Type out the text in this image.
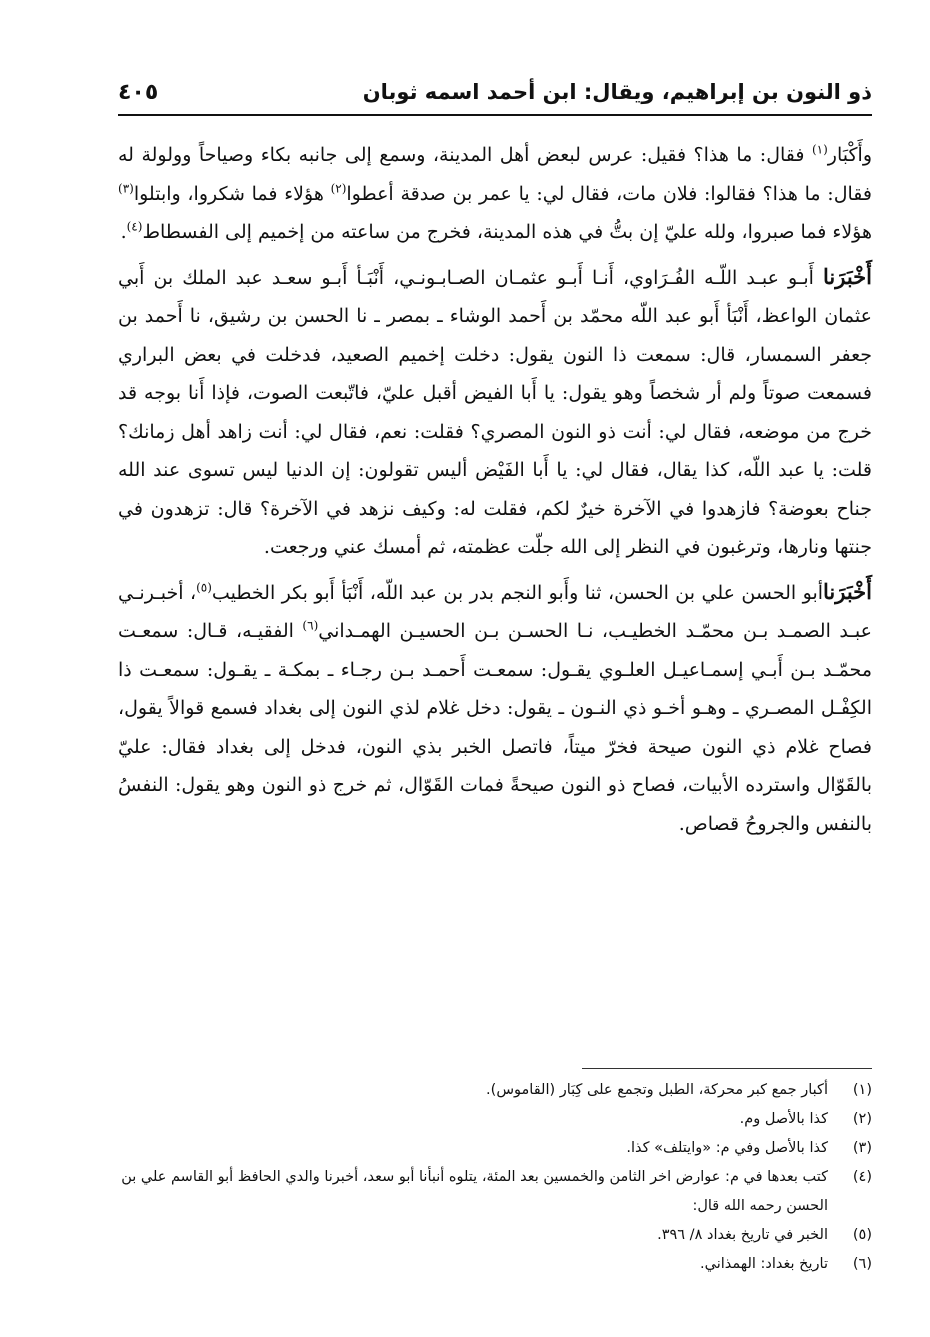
ذو النون بن إبراهيم، ويقال: ابن أحمد اسمه ثوبان
٤٠٥

وأَكْبَار$^{(١)}$ فقال: ما هذا؟ فقيل: عرس لبعض أهل المدينة، وسمع إلى جانبه بكاء وصياحاً وولولة له فقال: ما هذا؟ فقالوا: فلان مات، فقال لي: يا عمر بن صدقة أعطوا$^{(٢)}$ هؤلاء فما شكروا، وابتلوا$^{(٣)}$ هؤلاء فما صبروا، ولله عليّ إن بتُّ في هذه المدينة، فخرج من ساعته من إخميم إلى الفسطاط$^{(٤)}$.

أَخْبَرَنا أَبـو عبـد اللّـه الفُـرَاوي، أَنـا أَبـو عثمـان الصـابـونـي، أَنْبَـأ أَبـو سعـد عبد الملك بن أَبي عثمان الواعظ، أَنْبَأ أَبو عبد اللّه محمّد بن أَحمد الوشاء ـ بمصر ـ نا الحسن بن رشيق، نا أَحمد بن جعفر السمسار، قال: سمعت ذا النون يقول: دخلت إخميم الصعيد، فدخلت في بعض البراري فسمعت صوتاً ولم أر شخصاً وهو يقول: يا أَبا الفيض أقبل عليّ، فاتّبعت الصوت، فإذا أَنا بوجه قد خرج من موضعه، فقال لي: أنت ذو النون المصري؟ فقلت: نعم، فقال لي: أنت زاهد أهل زمانك؟ قلت: يا عبد اللّه، كذا يقال، فقال لي: يا أَبا الفَيْض أليس تقولون: إن الدنيا ليس تسوى عند الله جناح بعوضة؟ فازهدوا في الآخرة خيرٌ لكم، فقلت له: وكيف نزهد في الآخرة؟ قال: تزهدون في جنتها ونارها، وترغبون في النظر إلى الله جلّت عظمته، ثم أمسك عني ورجعت.

أَخْبَرَناأبو الحسن علي بن الحسن، ثنا وأَبو النجم بدر بن عبد اللّه، أَنْبَأ أَبو بكر الخطيب$^{(٥)}$، أخبـرنـي عبـد الصمـد بـن محمّـد الخطيـب، نـا الحسـن بـن الحسيـن الهمـداني$^{(٦)}$ الفقيـه، قـال: سمعـت محمّـد بـن أَبـي إسمـاعيـل العلـوي يقـول: سمعـت أَحمـد بـن رجـاء ـ بمكـة ـ يقـول: سمعـت ذا الكِفْـل المصـري ـ وهـو أخـو ذي النـون ـ يقول: دخل غلام لذي النون إلى بغداد فسمع قوالاً يقول، فصاح غلام ذي النون صيحة فخرّ ميتاً، فاتصل الخبر بذي النون، فدخل إلى بغداد فقال: عليّ بالقَوّال واسترده الأبيات، فصاح ذو النون صيحةً فمات القَوّال، ثم خرج ذو النون وهو يقول: النفسُ بالنفس والجروحُ قصاص.

(١)
أكبار جمع كبر محركة، الطبل وتجمع على كِبَار (القاموس).
(٢)
كذا بالأصل وم.
(٣)
كذا بالأصل وفي م: «وايتلف» كذا.
(٤)
كتب بعدها في م: عوارض اخر الثامن والخمسين بعد المئة، يتلوه أنبأنا أبو سعد، أخبرنا والدي الحافظ أبو القاسم علي بن الحسن رحمه الله قال:
(٥)
الخبر في تاريخ بغداد ٨/ ٣٩٦.
(٦)
تاريخ بغداد: الهمذاني.
